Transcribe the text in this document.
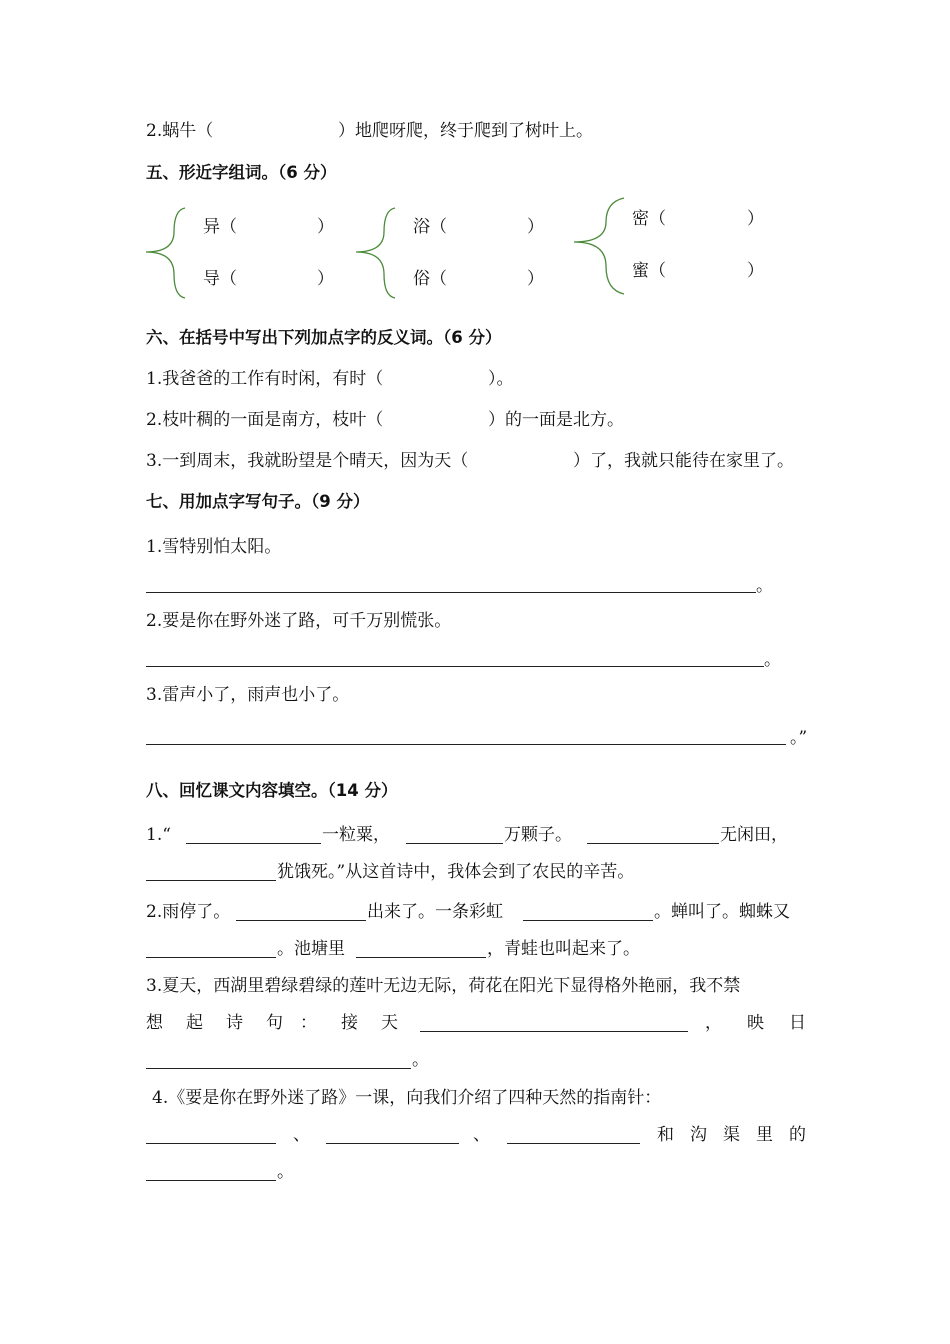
2.蜗牛（	）地爬呀爬，终于爬到了树叶上。
五、形近字组词。（6 分）
异（	）
导（	）
浴（	）
俗（	）
密（	）
蜜（	）
六、在括号中写出下列加点字的反义词。（6 分）
1.我爸爸的工作有时闲，有时（	）。
2.枝叶稠的一面是南方，枝叶（	）的一面是北方。
3.一到周末，我就盼望是个晴天，因为天（	）了，我就只能待在家里了。
七、用加点字写句子。（9 分）
1.雪特别怕太阳。
。
2.要是你在野外迷了路，可千万别慌张。
。
3.雷声小了，雨声也小了。
。”
八、回忆课文内容填空。（14 分）
1.“	一粒粟，	万颗子。	无闲田，
犹饿死。”从这首诗中，我体会到了农民的辛苦。
2.雨停了。	出来了。一条彩虹	。蝉叫了。蜘蛛又
。池塘里	，青蛙也叫起来了。
3.夏天，西湖里碧绿碧绿的莲叶无边无际，荷花在阳光下显得格外艳丽，我不禁
想 起 诗 句 ： 接 天	， 映 日
。
4.《要是你在野外迷了路》一课，向我们介绍了四种天然的指南针：
、	、	和 沟 渠 里 的
。
